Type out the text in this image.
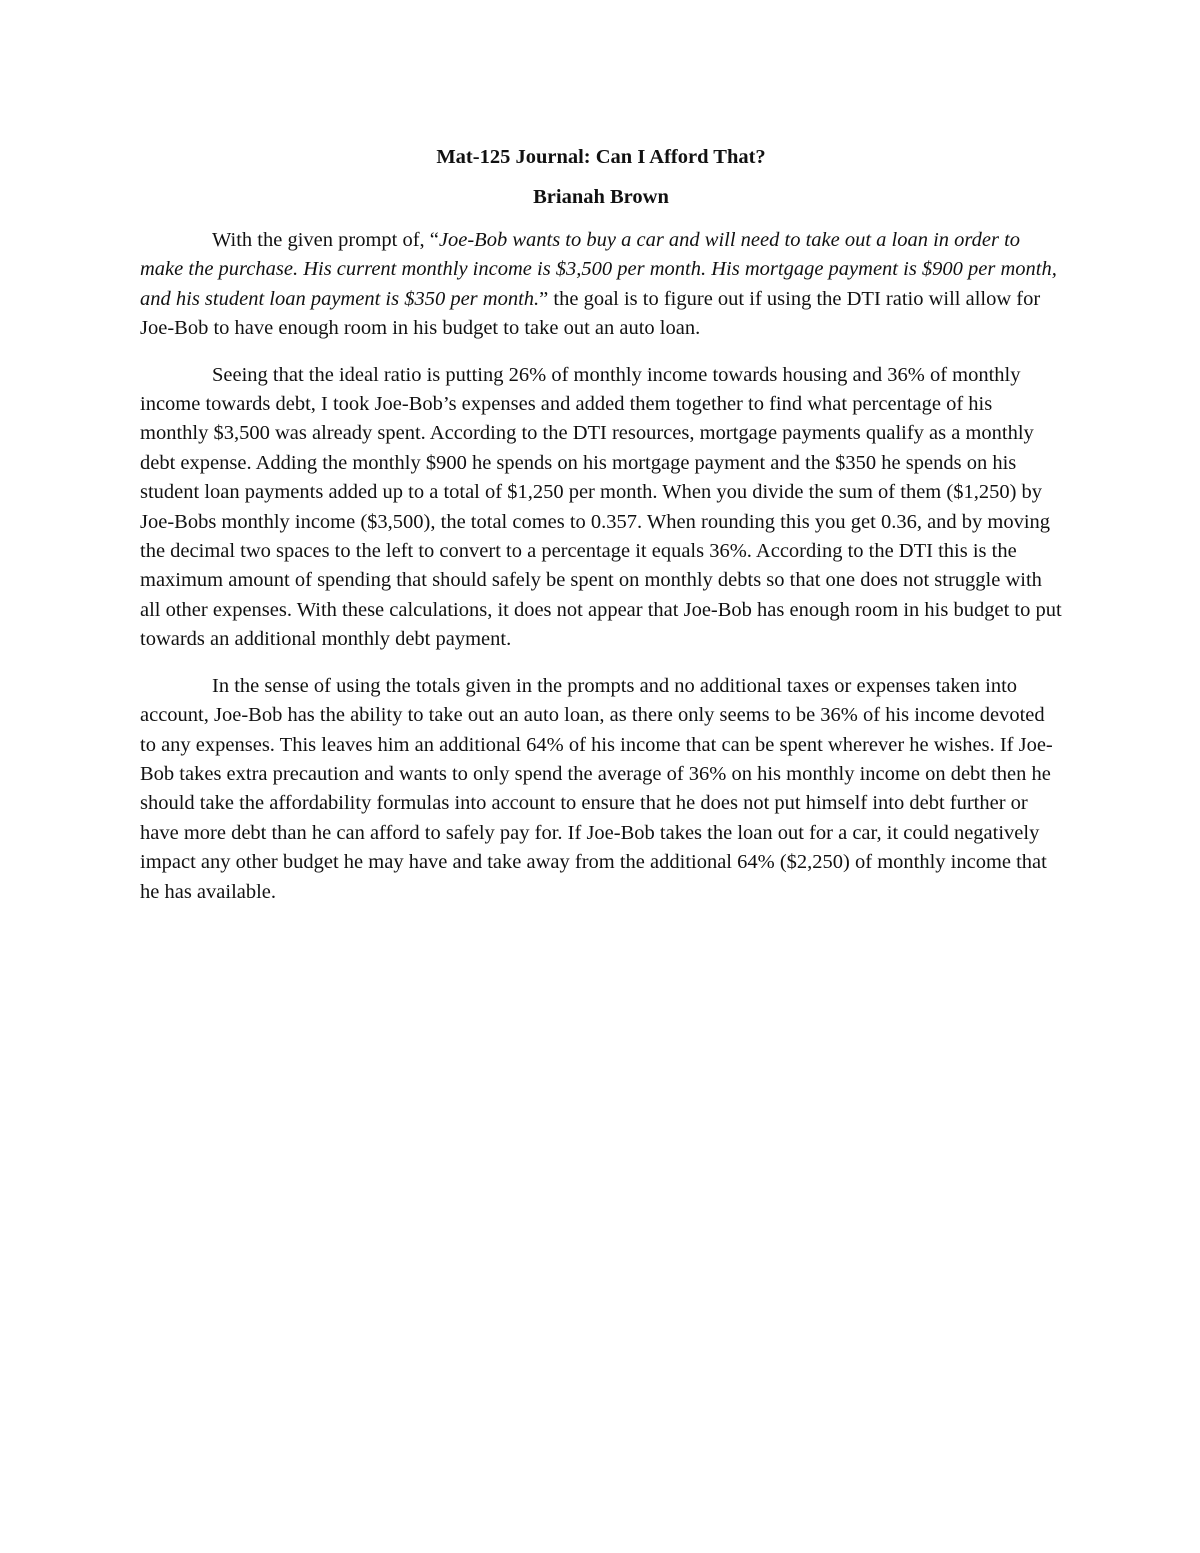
Mat-125 Journal: Can I Afford That?

Brianah Brown

With the given prompt of, “Joe-Bob wants to buy a car and will need to take out a loan in order to make the purchase. His current monthly income is $3,500 per month. His mortgage payment is $900 per month, and his student loan payment is $350 per month.” the goal is to figure out if using the DTI ratio will allow for Joe-Bob to have enough room in his budget to take out an auto loan.

Seeing that the ideal ratio is putting 26% of monthly income towards housing and 36% of monthly income towards debt, I took Joe-Bob’s expenses and added them together to find what percentage of his monthly $3,500 was already spent. According to the DTI resources, mortgage payments qualify as a monthly debt expense. Adding the monthly $900 he spends on his mortgage payment and the $350 he spends on his student loan payments added up to a total of $1,250 per month. When you divide the sum of them ($1,250) by Joe-Bobs monthly income ($3,500), the total comes to 0.357. When rounding this you get 0.36, and by moving the decimal two spaces to the left to convert to a percentage it equals 36%. According to the DTI this is the maximum amount of spending that should safely be spent on monthly debts so that one does not struggle with all other expenses. With these calculations, it does not appear that Joe-Bob has enough room in his budget to put towards an additional monthly debt payment.

In the sense of using the totals given in the prompts and no additional taxes or expenses taken into account, Joe-Bob has the ability to take out an auto loan, as there only seems to be 36% of his income devoted to any expenses. This leaves him an additional 64% of his income that can be spent wherever he wishes. If Joe-Bob takes extra precaution and wants to only spend the average of 36% on his monthly income on debt then he should take the affordability formulas into account to ensure that he does not put himself into debt further or have more debt than he can afford to safely pay for. If Joe-Bob takes the loan out for a car, it could negatively impact any other budget he may have and take away from the additional 64% ($2,250) of monthly income that he has available.
